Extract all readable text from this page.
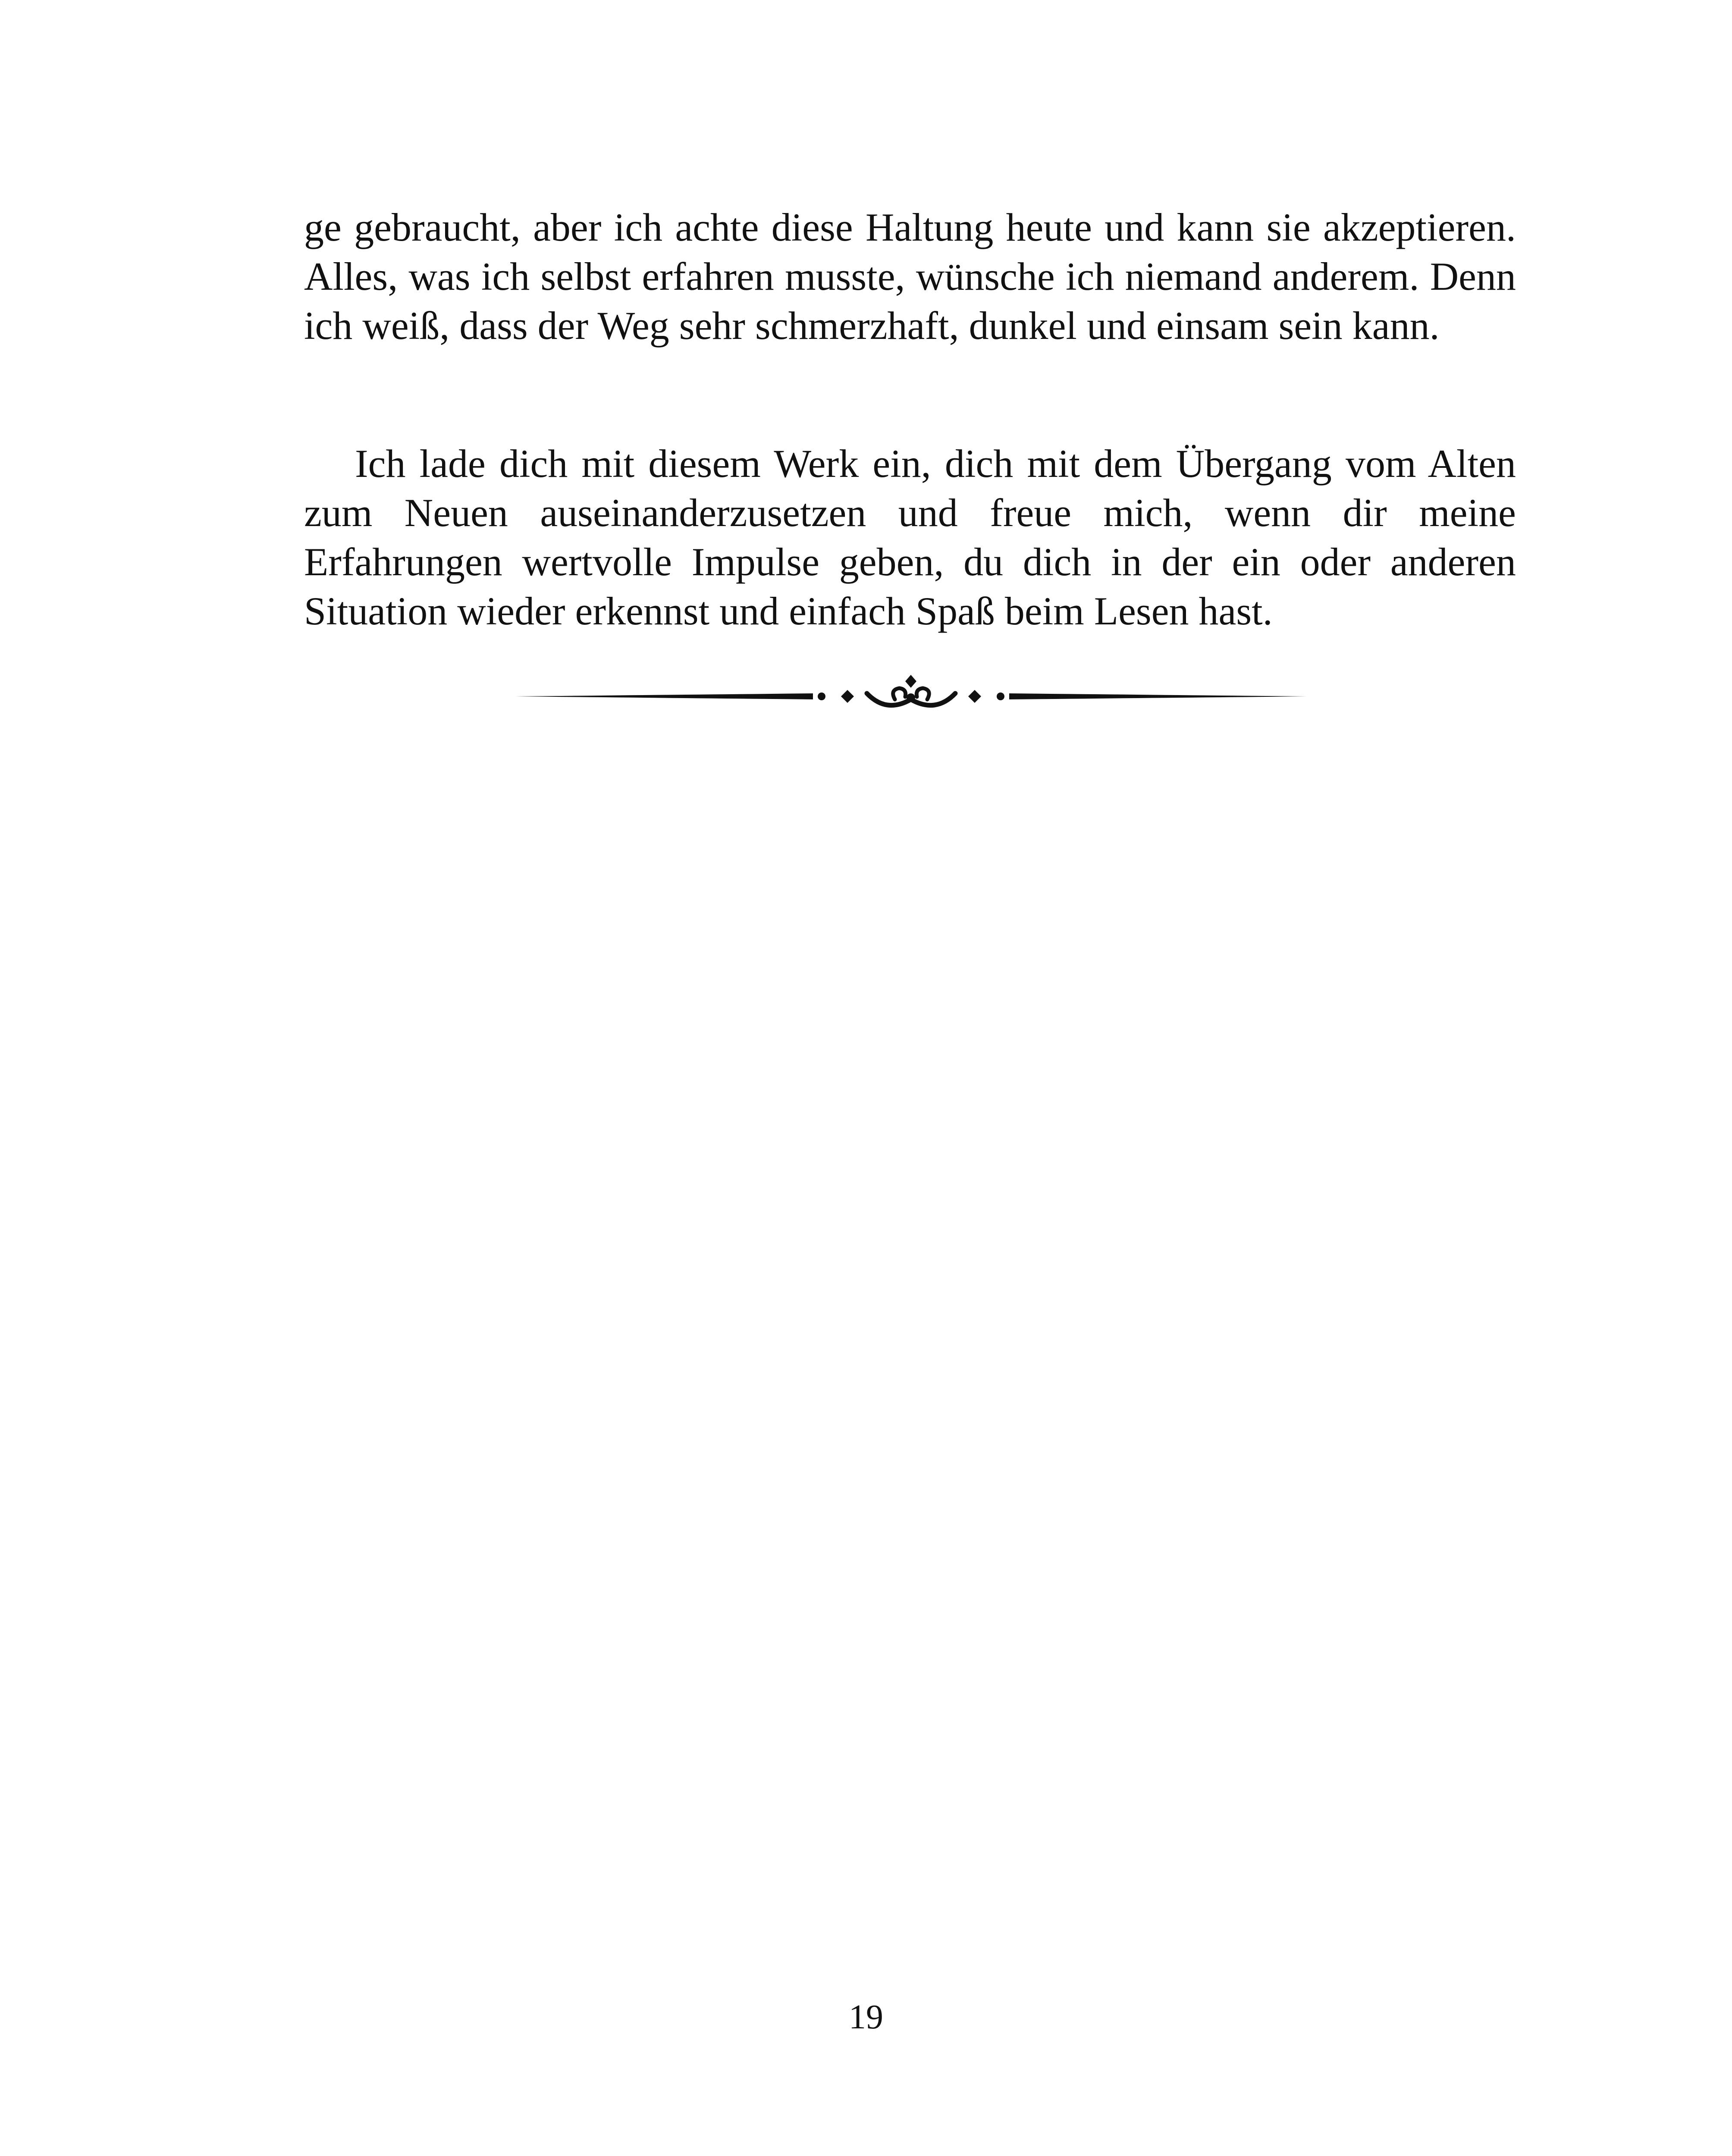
ge gebraucht, aber ich achte diese Haltung heute und kann sie akzeptieren. Alles, was ich selbst erfahren musste, wünsche ich niemand anderem. Denn ich weiß, dass der Weg sehr schmerzhaft, dunkel und einsam sein kann.

Ich lade dich mit diesem Werk ein, dich mit dem Übergang vom Alten zum Neuen auseinanderzusetzen und freue mich, wenn dir meine Erfahrungen wertvolle Impulse geben, du dich in der ein oder anderen Situation wieder erkennst und einfach Spaß beim Lesen hast.

19
